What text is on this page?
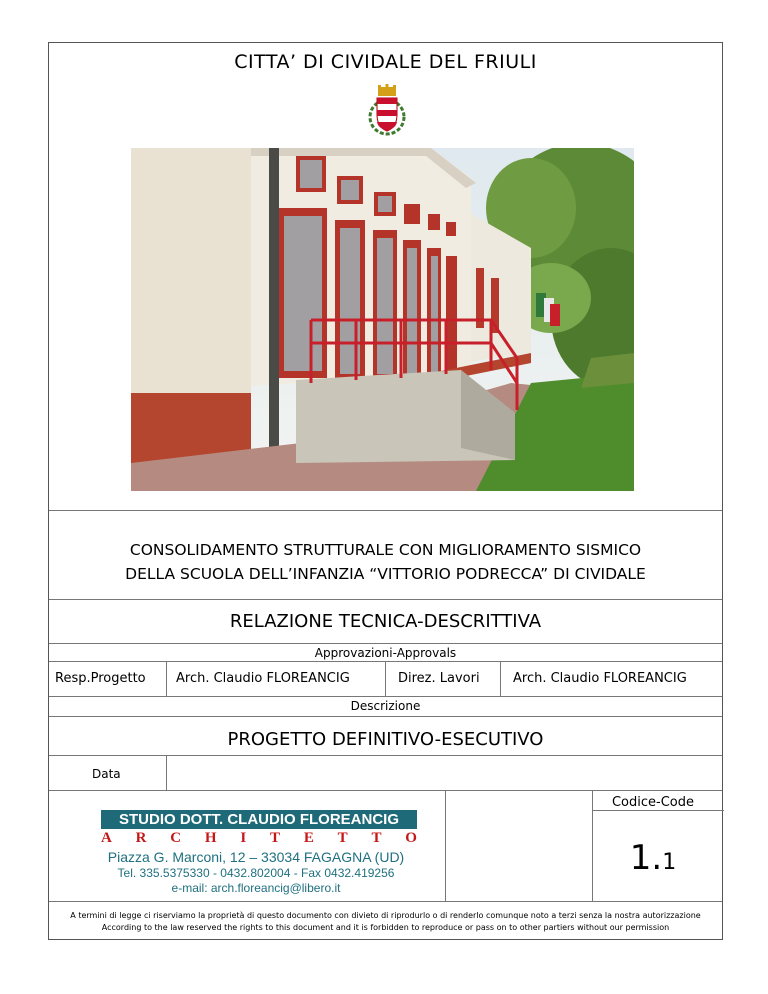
CITTA’ DI CIVIDALE DEL FRIULI
CONSOLIDAMENTO STRUTTURALE CON MIGLIORAMENTO SISMICO
DELLA SCUOLA DELL’INFANZIA “VITTORIO PODRECCA” DI CIVIDALE
RELAZIONE TECNICA-DESCRITTIVA
Approvazioni-Approvals
Resp.Progetto Arch. Claudio FLOREANCIG	Direz. Lavori	Arch. Claudio FLOREANCIG
Descrizione
PROGETTO DEFINITIVO-ESECUTIVO
Data
STUDIO DOTT. CLAUDIO FLOREANCIG
A R C H I T E T T O
Piazza G. Marconi, 12 – 33034 FAGAGNA (UD)
Tel. 335.5375330 - 0432.802004 - Fax 0432.419256
e-mail: arch.floreancig@libero.it
Codice-Code
1.1
A termini di legge ci riserviamo la proprietà di questo documento con divieto di riprodurlo o di renderlo comunque noto a terzi senza la nostra autorizzazione
According to the law reserved the rights to this document and it is forbidden to reproduce or pass on to other partiers without our permission
